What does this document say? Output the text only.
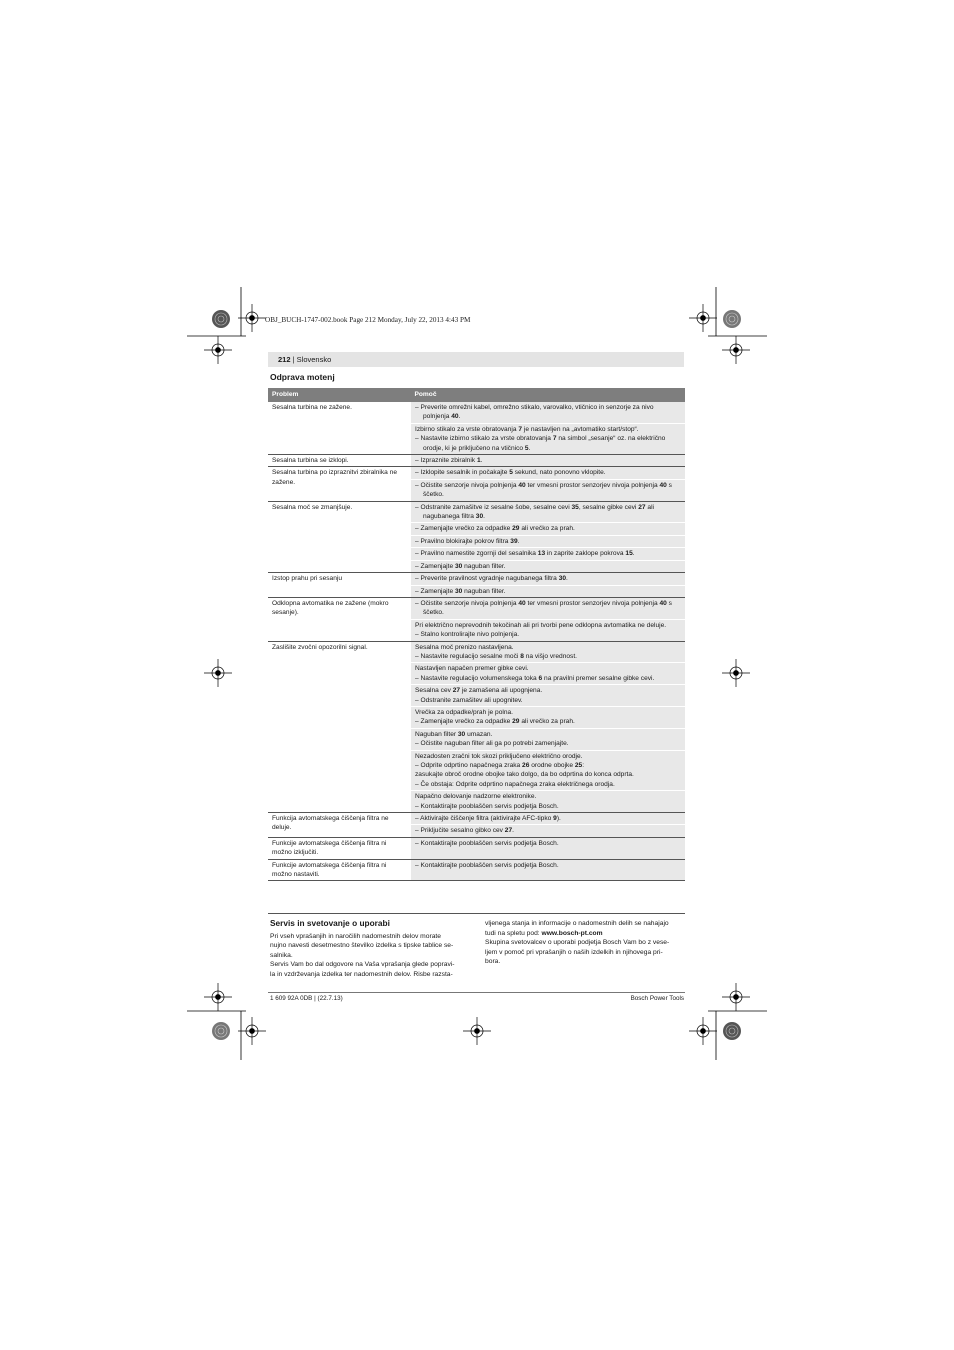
OBJ_BUCH-1747-002.book Page 212 Monday, July 22, 2013 4:43 PM
212 | Slovensko
Odprava motenj
Problem	Pomoč
Sesalna turbina ne zažene.	– Preverite omrežni kabel, omrežno stikalo, varovalko, vtičnico in senzorje za nivo polnjenja 40.

	Izbirno stikalo za vrste obratovanja 7 je nastavljen na „avtomatiko start/stop“.
– Nastavite izbirno stikalo za vrste obratovanja 7 na simbol „sesanje“ oz. na električno orodje, ki je priključeno na vtičnico 5.

Sesalna turbina se izklopi.	– Izpraznite zbiralnik 1.

Sesalna turbina po izpraznitvi zbiralnika ne zažene.	– Izklopite sesalnik in počakajte 5 sekund, nato ponovno vklopite.

	– Očistite senzorje nivoja polnjenja 40 ter vmesni prostor senzorjev nivoja polnjenja 40 s ščetko.

Sesalna moč se zmanjšuje.	– Odstranite zamašitve iz sesalne šobe, sesalne cevi 35, sesalne gibke cevi 27 ali nagubanega filtra 30.

	– Zamenjajte vrečko za odpadke 29 ali vrečko za prah.

	– Pravilno blokirajte pokrov filtra 39.

	– Pravilno namestite zgornji del sesalnika 13 in zaprite zaklope pokrova 15.

	– Zamenjajte 30 naguban filter.

Izstop prahu pri sesanju	– Preverite pravilnost vgradnje nagubanega filtra 30.

	– Zamenjajte 30 naguban filter.

Odklopna avtomatika ne zažene (mokro sesanje).	– Očistite senzorje nivoja polnjenja 40 ter vmesni prostor senzorjev nivoja polnjenja 40 s ščetko.

	Pri električno neprevodnih tekočinah ali pri tvorbi pene odklopna avtomatika ne deluje.
– Stalno kontrolirajte nivo polnjenja.

Zaslišite zvočni opozorilni signal.	Sesalna moč prenizo nastavljena.
– Nastavite regulacijo sesalne moči 8 na višjo vrednost.

	Nastavljen napačen premer gibke cevi.
– Nastavite regulacijo volumenskega toka 6 na pravilni premer sesalne gibke cevi.

	Sesalna cev 27 je zamašena ali upognjena.
– Odstranite zamašitev ali upognitev.

	Vrečka za odpadke/prah je polna.
– Zamenjajte vrečko za odpadke 29 ali vrečko za prah.

	Naguban filter 30 umazan.
– Očistite naguban filter ali ga po potrebi zamenjajte.

	Nezadosten zračni tok skozi priključeno električno orodje.
– Odprite odprtino napačnega zraka 26 orodne obojke 25:
zasukajte obroč orodne obojke tako dolgo, da bo odprtina do konca odprta.
– Če obstaja: Odprite odprtino napačnega zraka električnega orodja.

	Napačno delovanje nadzorne elektronike.
– Kontaktirajte pooblaščen servis podjetja Bosch.

Funkcija avtomatskega čiščenja filtra ne deluje.	– Aktivirajte čiščenje filtra (aktivirajte AFC-tipko 9).

	– Priključite sesalno gibko cev 27.

Funkcije avtomatskega čiščenja filtra ni možno izključiti.	– Kontaktirajte pooblaščen servis podjetja Bosch.

Funkcije avtomatskega čiščenja filtra ni možno nastaviti.	– Kontaktirajte pooblaščen servis podjetja Bosch.
Servis in svetovanje o uporabi
Pri vseh vprašanjih in naročilih nadomestnih delov morate
nujno navesti desetmestno številko izdelka s tipske tablice se-
salnika.
Servis Vam bo dal odgovore na Vaša vprašanja glede popravi-
la in vzdrževanja izdelka ter nadomestnih delov. Risbe razsta-
vljenega stanja in informacije o nadomestnih delih se nahajajo
tudi na spletu pod: www.bosch-pt.com
Skupina svetovalcev o uporabi podjetja Bosch Vam bo z vese-
ljem v pomoč pri vprašanjih o naših izdelkih in njihovega pri-
bora.
1 609 92A 0DB | (22.7.13)	Bosch Power Tools
